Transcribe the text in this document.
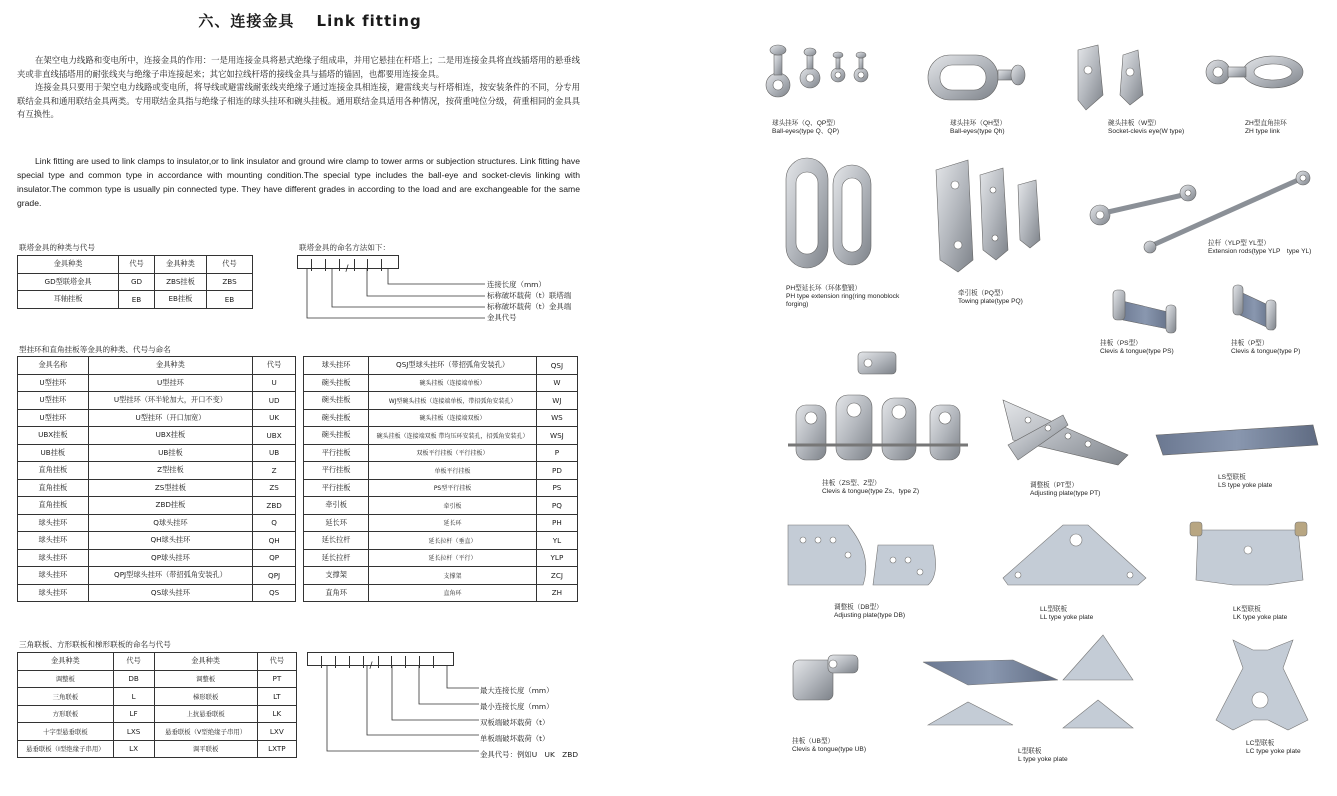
六、连接金具　 Link fitting

在架空电力线路和变电所中，连接金具的作用：一是用连接金具将悬式绝缘子组成串，并用它悬挂在杆塔上；二是用连接金具将直线插塔用的悬垂线夹或非直线插塔用的耐张线夹与绝缘子串连接起来；其它如拉线杆塔的接线金具与插塔的锚固，也都要用连接金具。

连接金具只要用于架空电力线路或变电所，将导线或避雷线耐张线夹绝缘子通过连接金具相连接，避雷线夹与杆塔相连，按安装条件的不同，分专用联结金具和通用联结金具两类。专用联结金具指与绝缘子相连的球头挂环和碗头挂板。通用联结金具适用各种情况，按荷重吨位分级，荷重相同的金具具有互换性。

Link fitting are used to link clamps to insulator,or to link insulator and ground wire clamp to tower arms or subjection structures. Link fitting have special type and common type in accordance with mounting condition.The special type includes the ball-eye and socket-clevis linking with insulator.The common type is usually pin connected type. They have different grades in according to the load and are exchangeable for the same grade.

联塔金具的种类与代号
金具种类	代号	金具种类	代号
GD型联塔金具	GD	ZBS挂板	ZBS
耳轴挂板	EB	EB挂板	EB
联塔金具的命名方法如下：
/
连接长度（mm）
标称破坏载荷（t）联塔端
标称破坏载荷（t）金具端
金具代号
型挂环和直角挂板等金具的种类、代号与命名
金具名称	金具种类	代号
U型挂环	U型挂环	U
U型挂环	U型挂环（环半轮加大，开口不变）	UD
U型挂环	U型挂环（开口加宽）	UK
UBX挂板	UBX挂板	UBX
UB挂板	UB挂板	UB
直角挂板	Z型挂板	Z
直角挂板	ZS型挂板	ZS
直角挂板	ZBD挂板	ZBD
球头挂环	Q球头挂环	Q
球头挂环	QH球头挂环	QH
球头挂环	QP球头挂环	QP
球头挂环	QPJ型球头挂环（带招弧角安装孔）	QPJ
球头挂环	QS球头挂环	QS
球头挂环	QSJ型球头挂环（带招弧角安装孔）	QSJ
碗头挂板	碗头挂板（连接端单板）	W
碗头挂板	WJ型碗头挂板（连接端单板，带招弧角安装孔）	WJ
碗头挂板	碗头挂板（连接端双板）	WS
碗头挂板	碗头挂板（连接端双板 带均压环安装孔，招弧角安装孔）	WSJ
平行挂板	双板平行挂板（平行挂板）	P
平行挂板	单板平行挂板	PD
平行挂板	PS型平行挂板	PS
牵引板	牵引板	PQ
延长环	延长环	PH
延长拉杆	延长拉杆（垂直）	YL
延长拉杆	延长拉杆（平行）	YLP
支撑架	支撑架	ZCJ
直角环	直角环	ZH
三角联板、方形联板和梯形联板的命名与代号
金具种类	代号	金具种类	代号
调整板	DB	调整板	PT
三角联板	L	梯形联板	LT
方形联板	LF	上抗悬垂联板	LK
十字型悬垂联板	LXS	悬垂联板（V型绝缘子串用）	LXV
悬垂联板（I型绝缘子串用）	LX	调平联板	LXTP
/
最大连接长度（mm）
最小连接长度（mm）
双板端破坏载荷（t）
单板端破坏载荷（t）
金具代号：例如U　UK　ZBD
球头挂环（Q、QP型）
Ball-eyes(type Q、QP)
球头挂环（QH型）
Ball-eyes(type Qh)
碗头挂板（W型）
Socket-clevis eye(W type)
ZH型直角挂环
ZH type link
PH型延长环（环体整锻）
PH type extension ring(ring monoblock forging)
牵引板（PQ型）
Towing plate(type PQ)
拉杆（YLP型 YL型）
Extension rods(type YLP　type YL)
挂板（PS型）
Clevis & tongue(type PS)
挂板（P型）
Clevis & tongue(type P)
挂板（ZS型、Z型）
Clevis & tongue(type Zs、type Z)
调整板（PT型）
Adjusting plate(type PT)
LS型联板
LS type yoke plate
调整板（DB型）
Adjusting plate(type DB)
LL型联板
LL type yoke plate
LK型联板
LK type yoke plate
挂板（UB型）
Clevis & tongue(type UB)	L型联板
L type yoke plate
LC型联板
LC type yoke plate
